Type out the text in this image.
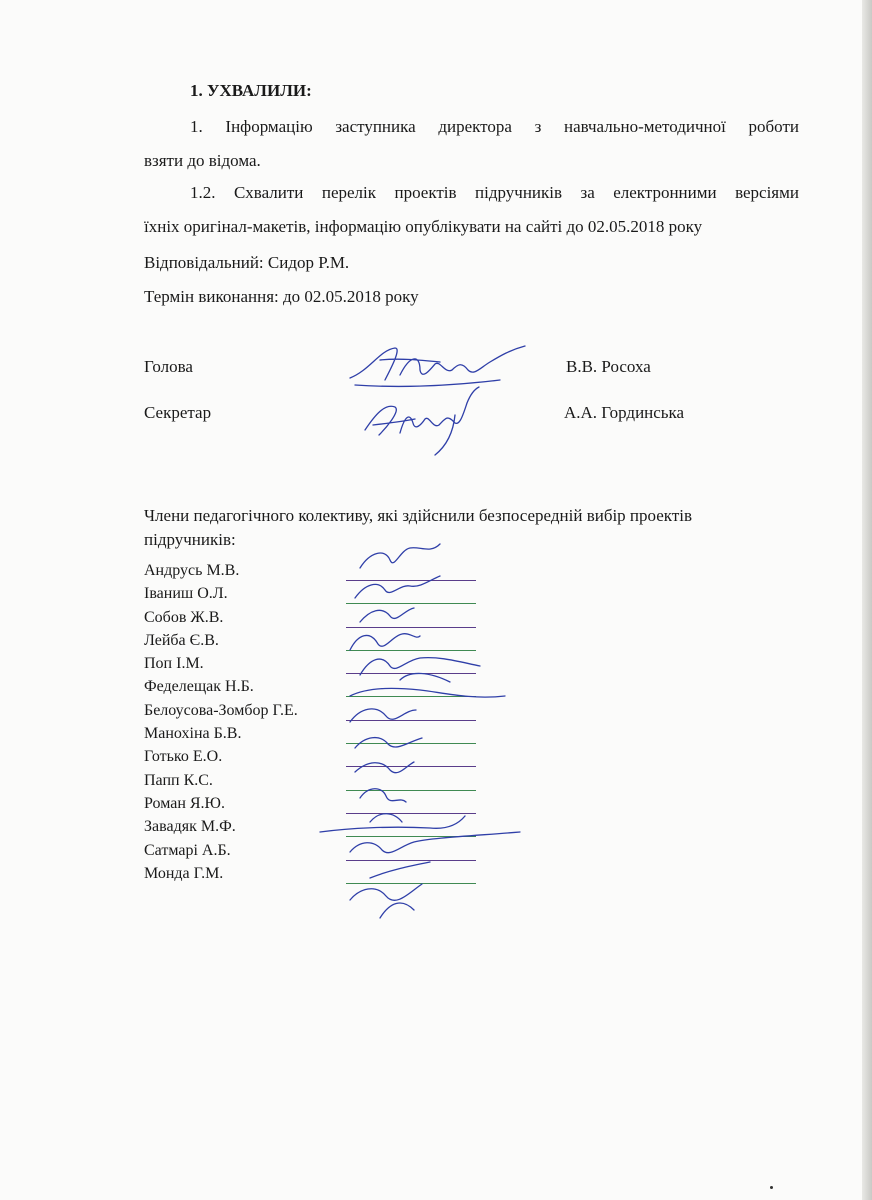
1. УХВАЛИЛИ:
1. Інформацію заступника директора з навчально-методичної роботи
взяти до відома.
1.2. Схвалити перелік проектів підручників за електронними версіями
їхніх оригінал-макетів, інформацію опублікувати на сайті до 02.05.2018 року
Відповідальний: Сидор Р.М.
Термін виконання: до 02.05.2018 року
Голова	В.В. Росоха
Секретар	А.А. Гординська
Члени педагогічного колективу, які здійснили безпосередній вибір проектів
підручників:
Андрусь М.В.
Іваниш О.Л.
Собов Ж.В.
Лейба Є.В.
Поп І.М.
Феделещак Н.Б.
Белоусова-Зомбор Г.Е.
Манохіна Б.В.
Готько Е.О.
Папп К.С.
Роман Я.Ю.
Завадяк М.Ф.
Сатмарі А.Б.
Монда Г.М.
